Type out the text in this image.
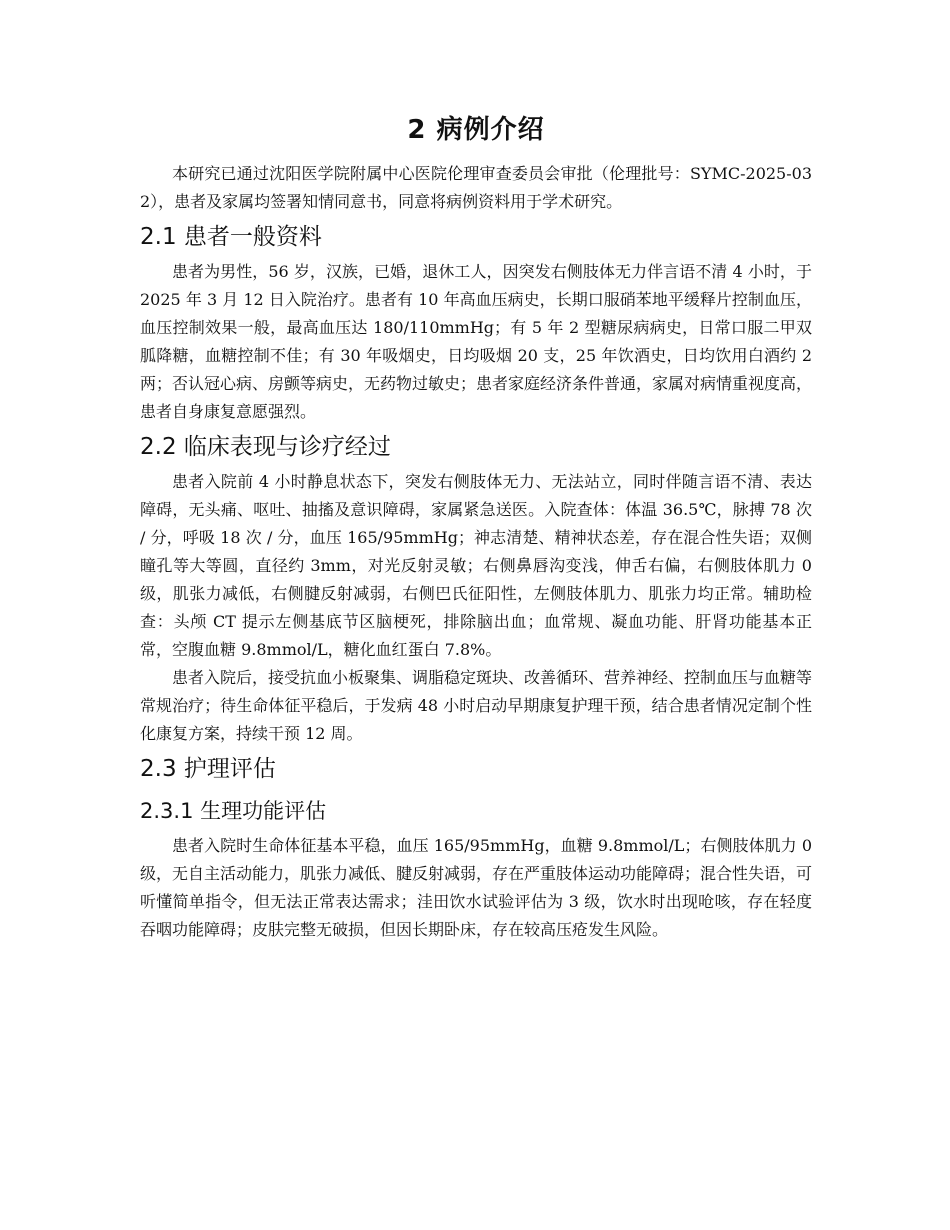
2 病例介绍

本研究已通过沈阳医学院附属中心医院伦理审查委员会审批（伦理批号：SYMC-2025-032），患者及家属均签署知情同意书，同意将病例资料用于学术研究。

2.1 患者一般资料

患者为男性，56 岁，汉族，已婚，退休工人，因突发右侧肢体无力伴言语不清 4 小时，于 2025 年 3 月 12 日入院治疗。患者有 10 年高血压病史，长期口服硝苯地平缓释片控制血压，血压控制效果一般，最高血压达 180/110mmHg；有 5 年 2 型糖尿病病史，日常口服二甲双胍降糖，血糖控制不佳；有 30 年吸烟史，日均吸烟 20 支，25 年饮酒史，日均饮用白酒约 2 两；否认冠心病、房颤等病史，无药物过敏史；患者家庭经济条件普通，家属对病情重视度高，患者自身康复意愿强烈。

2.2 临床表现与诊疗经过

患者入院前 4 小时静息状态下，突发右侧肢体无力、无法站立，同时伴随言语不清、表达障碍，无头痛、呕吐、抽搐及意识障碍，家属紧急送医。入院查体：体温 36.5℃，脉搏 78 次 / 分，呼吸 18 次 / 分，血压 165/95mmHg；神志清楚、精神状态差，存在混合性失语；双侧瞳孔等大等圆，直径约 3mm，对光反射灵敏；右侧鼻唇沟变浅，伸舌右偏，右侧肢体肌力 0 级，肌张力减低，右侧腱反射减弱，右侧巴氏征阳性，左侧肢体肌力、肌张力均正常。辅助检查：头颅 CT 提示左侧基底节区脑梗死，排除脑出血；血常规、凝血功能、肝肾功能基本正常，空腹血糖 9.8mmol/L，糖化血红蛋白 7.8%。

患者入院后，接受抗血小板聚集、调脂稳定斑块、改善循环、营养神经、控制血压与血糖等常规治疗；待生命体征平稳后，于发病 48 小时启动早期康复护理干预，结合患者情况定制个性化康复方案，持续干预 12 周。

2.3 护理评估
2.3.1 生理功能评估

患者入院时生命体征基本平稳，血压 165/95mmHg，血糖 9.8mmol/L；右侧肢体肌力 0 级，无自主活动能力，肌张力减低、腱反射减弱，存在严重肢体运动功能障碍；混合性失语，可听懂简单指令，但无法正常表达需求；洼田饮水试验评估为 3 级，饮水时出现呛咳，存在轻度吞咽功能障碍；皮肤完整无破损，但因长期卧床，存在较高压疮发生风险。
